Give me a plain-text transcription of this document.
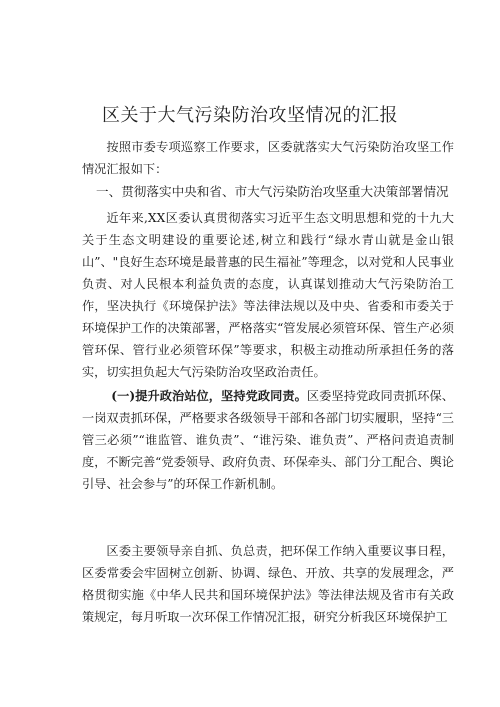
区关于大气污染防治攻坚情况的汇报
按照市委专项巡察工作要求，区委就落实大气污染防治攻坚工作情况汇报如下：
一、贯彻落实中央和省、市大气污染防治攻坚重大决策部署情况
近年来,XX区委认真贯彻落实习近平生态文明思想和党的十九大关于生态文明建设的重要论述,树立和践行“绿水青山就是金山银山”、"良好生态环境是最普惠的民生福祉”等理念，以对党和人民事业负责、对人民根本利益负责的态度，认真谋划推动大气污染防治工作，坚决执行《环境保护法》等法律法规以及中央、省委和市委关于环境保护工作的决策部署，严格落实“管发展必须管环保、管生产必须管环保、管行业必须管环保”等要求，积极主动推动所承担任务的落实，切实担负起大气污染防治攻坚政治责任。
(一)提升政治站位，坚持党政同责。区委坚持党政同责抓环保、一岗双责抓环保，严格要求各级领导干部和各部门切实履职，坚持“三管三必须”“谁监管、谁负责”、“谁污染、谁负责”、严格问责追责制度，不断完善“党委领导、政府负责、环保牵头、部门分工配合、舆论引导、社会参与”的环保工作新机制。
区委主要领导亲自抓、负总责，把环保工作纳入重要议事日程，区委常委会牢固树立创新、协调、绿色、开放、共享的发展理念，严格贯彻实施《中华人民共和国环境保护法》等法律法规及省市有关政策规定，每月听取一次环保工作情况汇报，研究分析我区环境保护工
